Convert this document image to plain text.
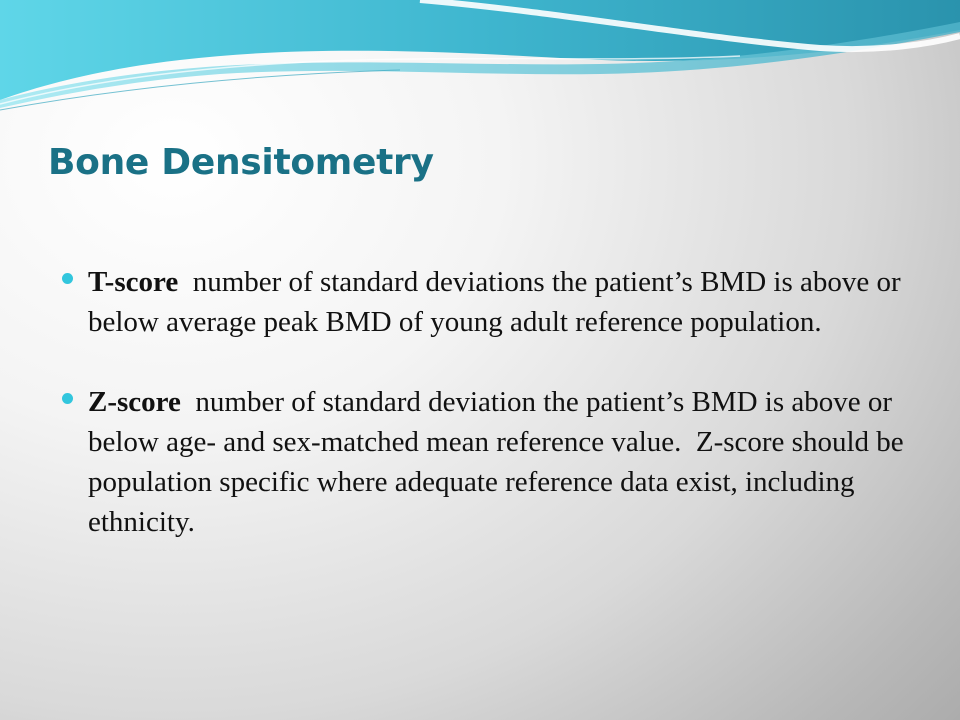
Bone Densitometry
T-score  number of standard deviations the patient’s BMD is above or below average peak BMD of young adult reference population.
Z-score  number of standard deviation the patient’s BMD is above or below age- and sex-matched mean reference value.  Z-score should be population specific where adequate reference data exist, including ethnicity.
